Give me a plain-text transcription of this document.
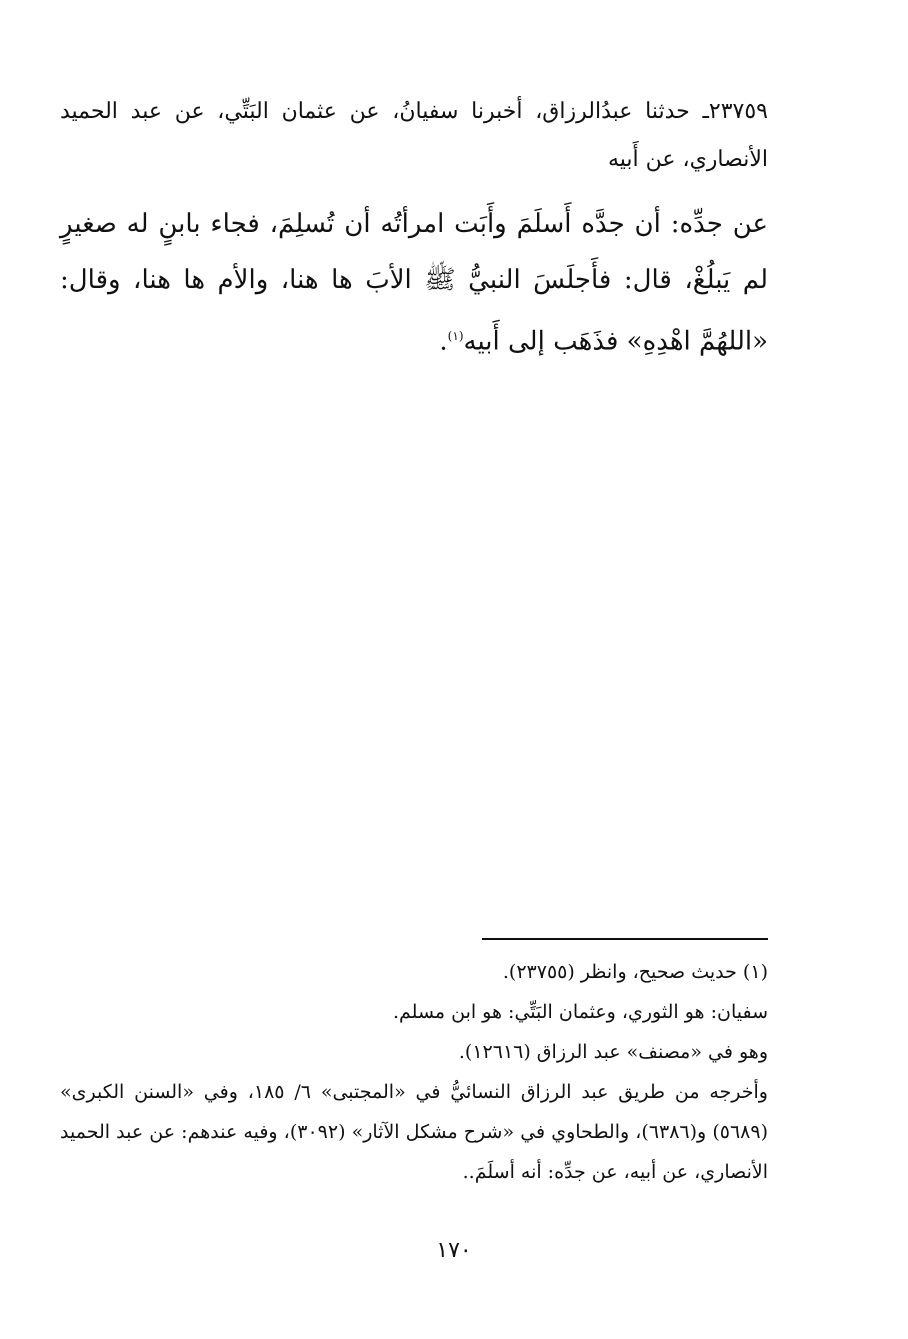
٢٣٧٥٩ـ حدثنا عبدُالرزاق، أخبرنا سفيانُ، عن عثمان البَتِّي، عن عبد الحميد الأنصاري، عن أَبيه

عن جدِّه: أن جدَّه أَسلَمَ وأَبَت امرأتُه أن تُسلِمَ، فجاء بابنٍ له صغيرٍ لم يَبلُغْ، قال: فأَجلَسَ النبيُّ ﷺ الأبَ ها هنا، والأم ها هنا، وقال: «اللهُمَّ اهْدِهِ» فذَهَب إلى أَبيه$^{(١)}$.

(١) حديث صحيح، وانظر (٢٣٧٥٥).

سفيان: هو الثوري، وعثمان البَتِّي: هو ابن مسلم.

وهو في «مصنف» عبد الرزاق (١٢٦١٦).

وأخرجه من طريق عبد الرزاق النسائيُّ في «المجتبى» ٦/ ١٨٥، وفي «السنن الكبرى» (٥٦٨٩) و(٦٣٨٦)، والطحاوي في «شرح مشكل الآثار» (٣٠٩٢)، وفيه عندهم: عن عبد الحميد الأنصاري، عن أبيه، عن جدِّه: أنه أسلَمَ..

١٧٠
